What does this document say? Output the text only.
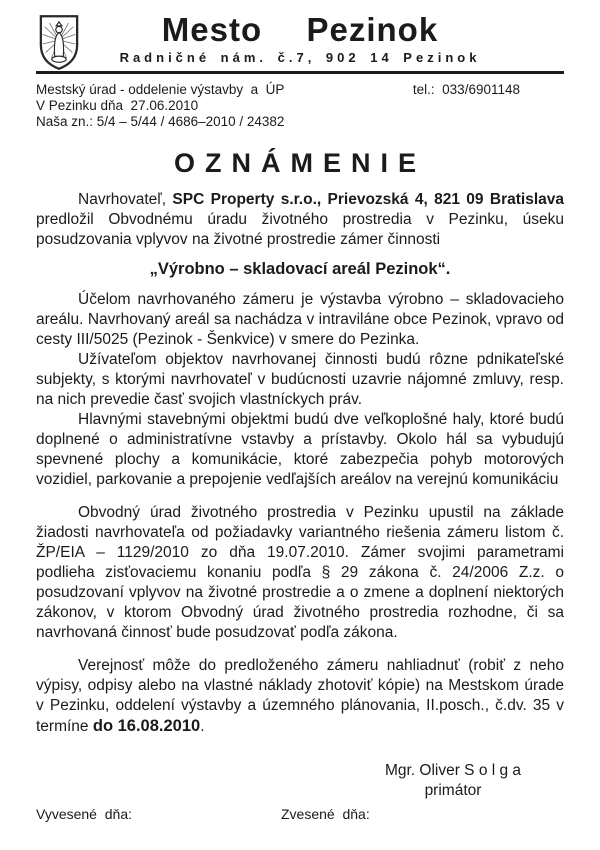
Mesto  Pezinok
Radničné nám. č.7, 902 14 Pezinok
Mestský úrad - oddelenie výstavby  a  ÚP
V Pezinku dňa  27.06.2010
Naša zn.: 5/4 – 5/44 / 4686–2010 / 24382
tel.:  033/6901148
OZNÁMENIE

Navrhovateľ, SPC Property s.r.o., Prievozská 4, 821 09 Bratislava predložil Obvodnému úradu životného prostredia v Pezinku, úseku posudzovania vplyvov na životné prostredie zámer činnosti

„Výrobno – skladovací areál Pezinok“.

Účelom navrhovaného zámeru je výstavba výrobno – skladovacieho areálu. Navrhovaný areál sa nachádza v intraviláne obce Pezinok, vpravo od cesty III/5025 (Pezinok - Šenkvice) v smere do Pezinka.

Užívateľom objektov navrhovanej činnosti budú rôzne pdnikateľské subjekty, s ktorými navrhovateľ v budúcnosti uzavrie nájomné zmluvy, resp. na nich prevedie časť svojich vlastníckych práv.

Hlavnými stavebnými objektmi budú dve veľkoplošné haly, ktoré budú doplnené o administratívne vstavby a prístavby. Okolo hál sa vybudujú spevnené plochy a komunikácie, ktoré zabezpečia pohyb motorových vozidiel, parkovanie a prepojenie vedľajších areálov na verejnú komunikáciu

Obvodný úrad životného prostredia v Pezinku upustil na základe žiadosti navrhovateľa od požiadavky variantného riešenia zámeru listom č. ŽP/EIA – 1129/2010 zo dňa 19.07.2010. Zámer svojimi parametrami podlieha zisťovaciemu konaniu podľa § 29 zákona č. 24/2006 Z.z. o posudzovaní vplyvov na životné prostredie a o zmene a doplnení niektorých zákonov, v ktorom Obvodný úrad životného prostredia rozhodne, či sa navrhovaná činnosť bude posudzovať podľa zákona.

Verejnosť môže do predloženého zámeru nahliadnuť (robiť z neho výpisy, odpisy alebo na vlastné náklady zhotoviť kópie) na Mestskom úrade v Pezinku, oddelení výstavby a územného plánovania, II.posch., č.dv. 35 v termíne do 16.08.2010.

Mgr. Oliver S o l g a
primátor
Vyvesené  dňa:	Zvesené  dňa:
